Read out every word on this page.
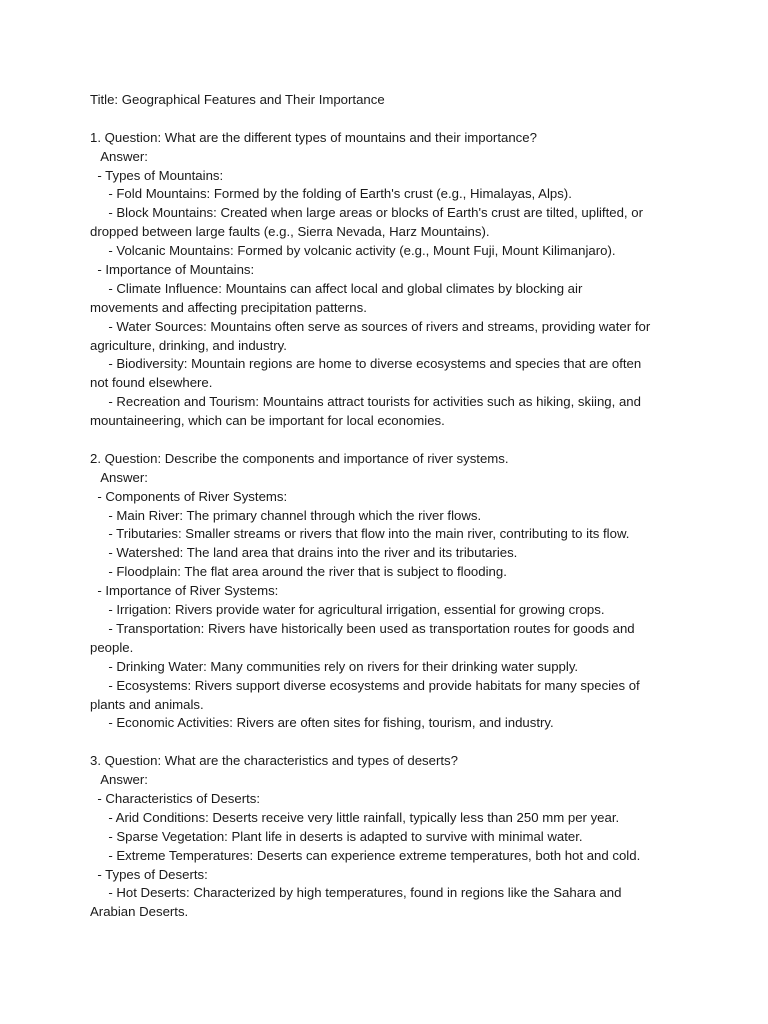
Title: Geographical Features and Their Importance

1. Question: What are the different types of mountains and their importance?

Answer:

- Types of Mountains:

- Fold Mountains: Formed by the folding of Earth's crust (e.g., Himalayas, Alps).

- Block Mountains: Created when large areas or blocks of Earth's crust are tilted, uplifted, or

dropped between large faults (e.g., Sierra Nevada, Harz Mountains).

- Volcanic Mountains: Formed by volcanic activity (e.g., Mount Fuji, Mount Kilimanjaro).

- Importance of Mountains:

- Climate Influence: Mountains can affect local and global climates by blocking air

movements and affecting precipitation patterns.

- Water Sources: Mountains often serve as sources of rivers and streams, providing water for

agriculture, drinking, and industry.

- Biodiversity: Mountain regions are home to diverse ecosystems and species that are often

not found elsewhere.

- Recreation and Tourism: Mountains attract tourists for activities such as hiking, skiing, and

mountaineering, which can be important for local economies.

2. Question: Describe the components and importance of river systems.

Answer:

- Components of River Systems:

- Main River: The primary channel through which the river flows.

- Tributaries: Smaller streams or rivers that flow into the main river, contributing to its flow.

- Watershed: The land area that drains into the river and its tributaries.

- Floodplain: The flat area around the river that is subject to flooding.

- Importance of River Systems:

- Irrigation: Rivers provide water for agricultural irrigation, essential for growing crops.

- Transportation: Rivers have historically been used as transportation routes for goods and

people.

- Drinking Water: Many communities rely on rivers for their drinking water supply.

- Ecosystems: Rivers support diverse ecosystems and provide habitats for many species of

plants and animals.

- Economic Activities: Rivers are often sites for fishing, tourism, and industry.

3. Question: What are the characteristics and types of deserts?

Answer:

- Characteristics of Deserts:

- Arid Conditions: Deserts receive very little rainfall, typically less than 250 mm per year.

- Sparse Vegetation: Plant life in deserts is adapted to survive with minimal water.

- Extreme Temperatures: Deserts can experience extreme temperatures, both hot and cold.

- Types of Deserts:

- Hot Deserts: Characterized by high temperatures, found in regions like the Sahara and

Arabian Deserts.
